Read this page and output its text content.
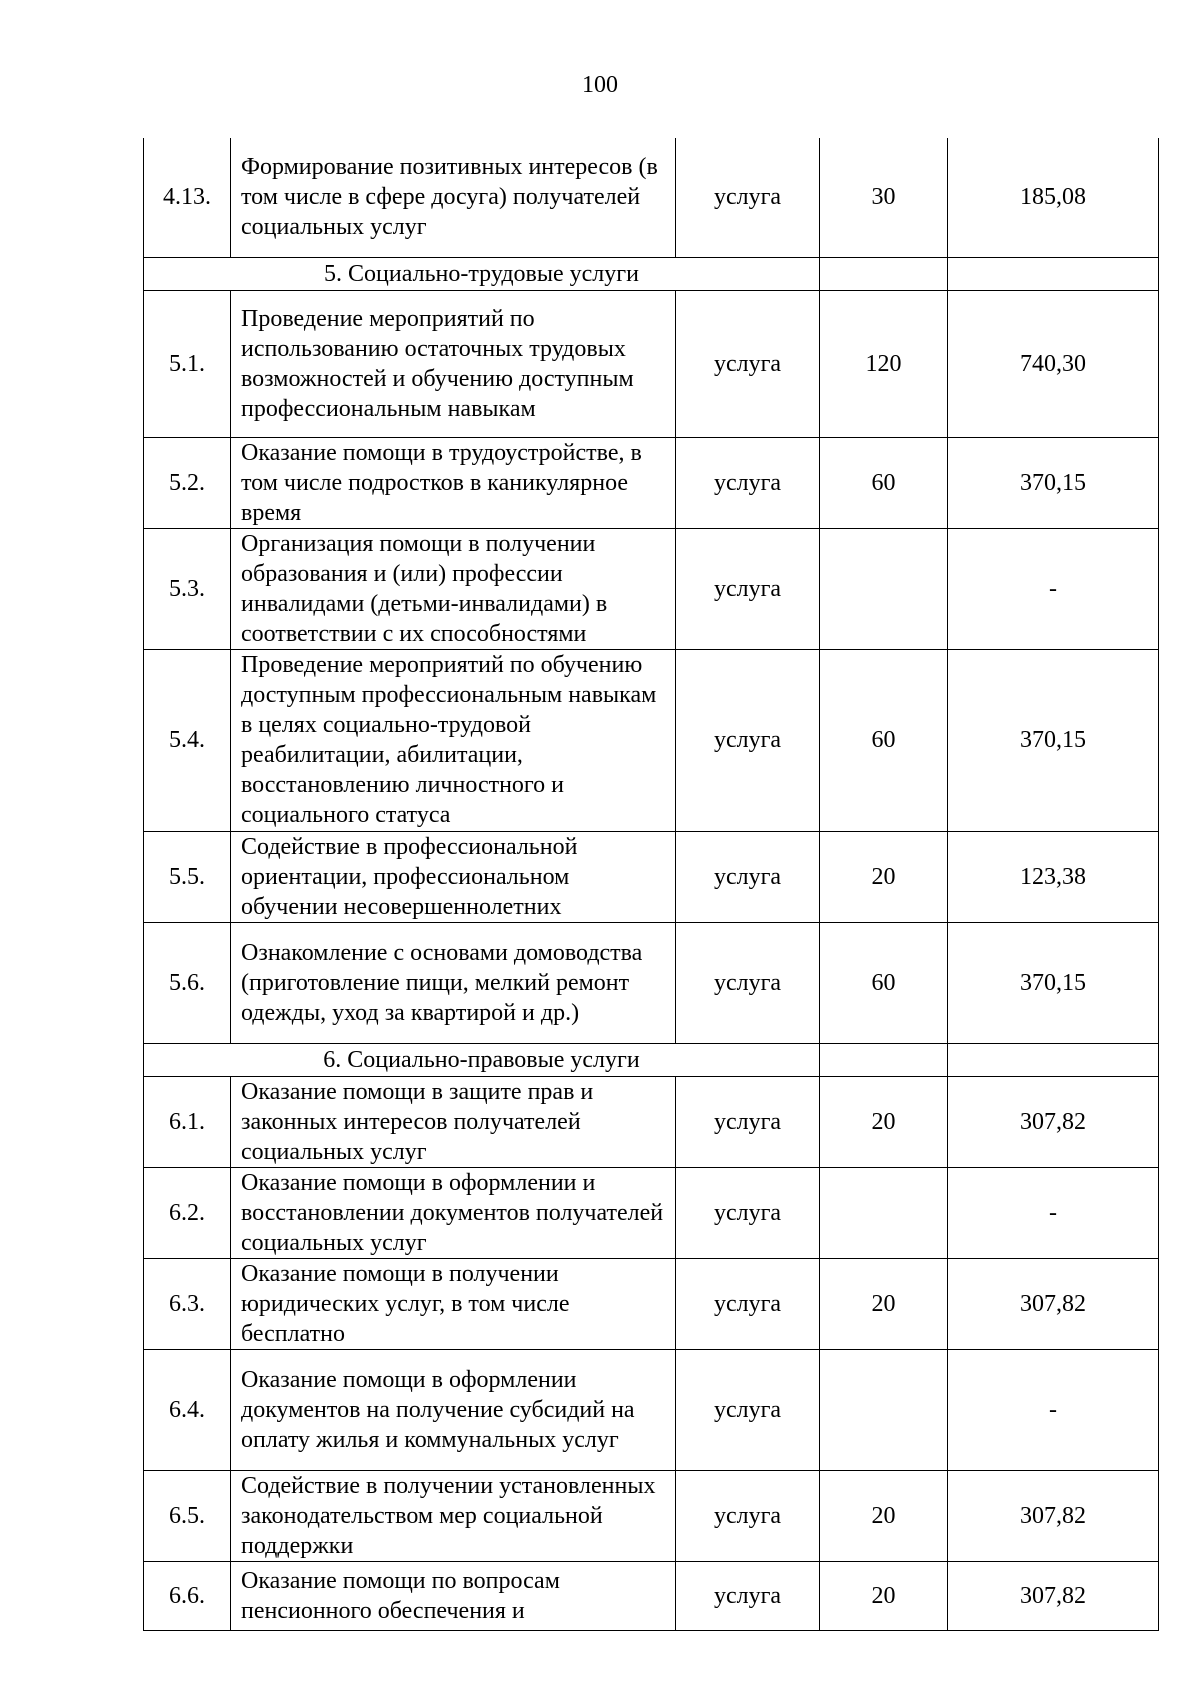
100
4.13.	Формирование позитивных интересов (в том числе в сфере досуга) получателей социальных услуг	услуга	30	185,08
5. Социально-трудовые услуги				
5.1.	Проведение мероприятий по использованию остаточных трудовых возможностей и обучению доступным профессиональным навыкам	услуга	120	740,30
5.2.	Оказание помощи в трудоустройстве, в том числе подростков в каникулярное время	услуга	60	370,15
5.3.	Организация помощи в получении образования и (или) профессии инвалидами (детьми-инвалидами) в соответствии с их способностями	услуга		-
5.4.	Проведение мероприятий по обучению доступным профессиональным навыкам в целях социально-трудовой реабилитации, абилитации, восстановлению личностного и социального статуса	услуга	60	370,15
5.5.	Содействие в профессиональной ориентации, профессиональном обучении несовершеннолетних	услуга	20	123,38
5.6.	Ознакомление с основами домоводства (приготовление пищи, мелкий ремонт одежды, уход за квартирой и др.)	услуга	60	370,15
6. Социально-правовые услуги				
6.1.	Оказание помощи в защите прав и законных интересов получателей социальных услуг	услуга	20	307,82
6.2.	Оказание помощи в оформлении и восстановлении документов получателей социальных услуг	услуга		-
6.3.	Оказание помощи в получении юридических услуг, в том числе бесплатно	услуга	20	307,82
6.4.	Оказание помощи в оформлении документов на получение субсидий на оплату жилья и коммунальных услуг	услуга		-
6.5.	Содействие в получении установленных законодательством мер социальной поддержки	услуга	20	307,82
6.6.	Оказание помощи по вопросам пенсионного обеспечения и	услуга	20	307,82
